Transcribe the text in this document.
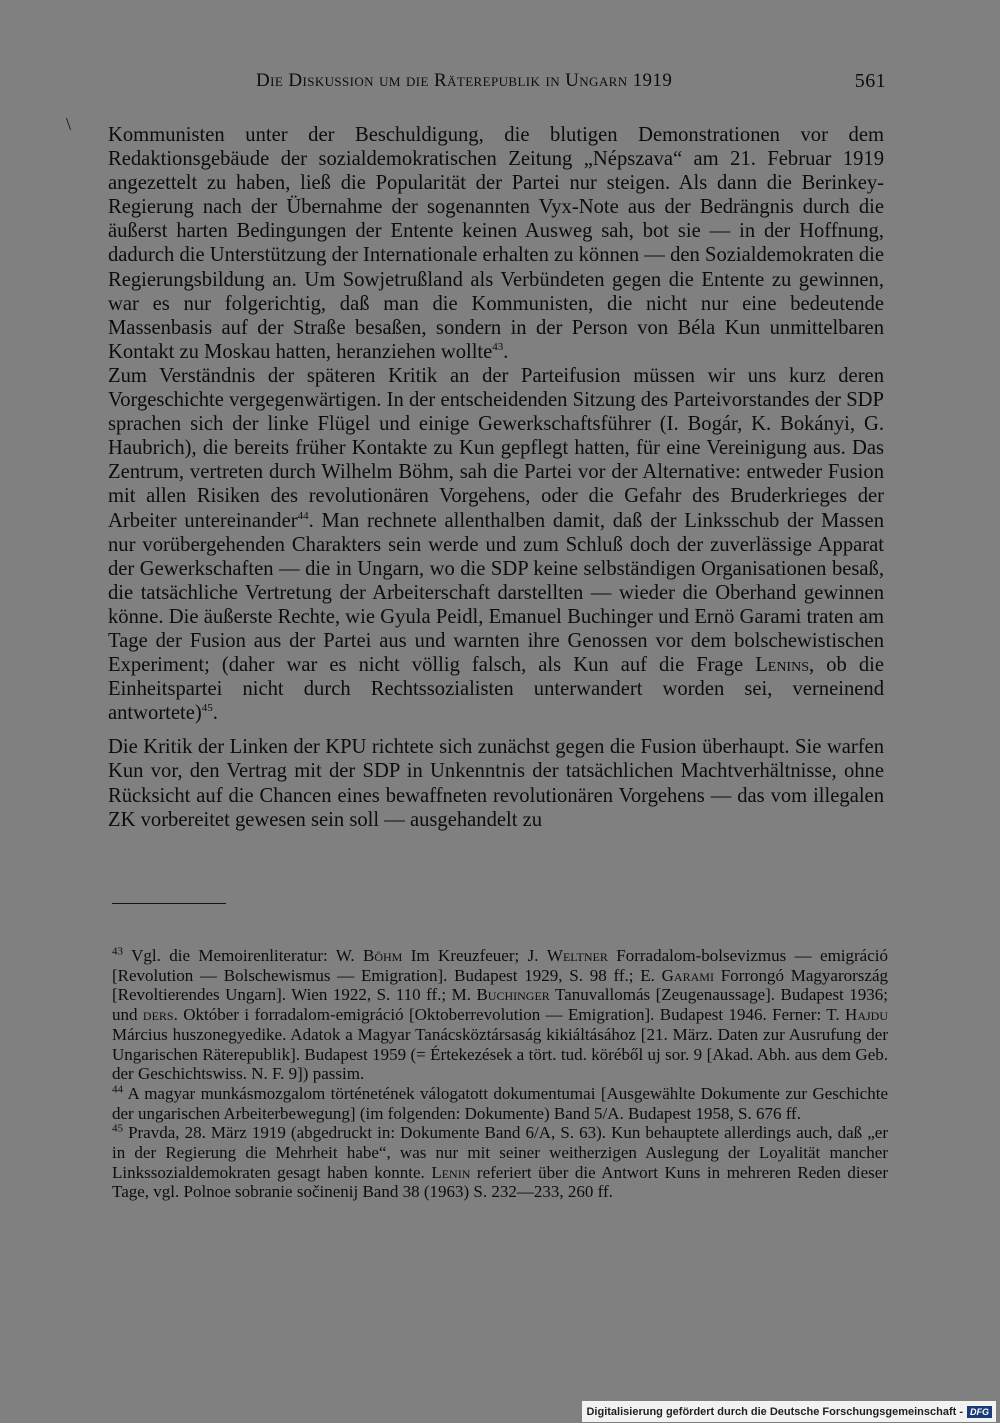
Die Diskussion um die Räterepublik in Ungarn 1919	561
\ Kommunisten unter der Beschuldigung, die blutigen Demonstrationen vor dem Redaktionsgebäude der sozialdemokratischen Zeitung „Népszava“ am 21. Februar 1919 angezettelt zu haben, ließ die Popularität der Partei nur steigen. Als dann die Berinkey-Regierung nach der Übernahme der sogenannten Vyx-Note aus der Bedrängnis durch die äußerst harten Bedingungen der Entente keinen Ausweg sah, bot sie — in der Hoffnung, dadurch die Unterstützung der Internationale erhalten zu können — den Sozialdemokraten die Regierungsbildung an. Um Sowjetrußland als Verbündeten gegen die Entente zu gewinnen, war es nur folgerichtig, daß man die Kommunisten, die nicht nur eine bedeutende Massenbasis auf der Straße besaßen, sondern in der Person von Béla Kun unmittelbaren Kontakt zu Moskau hatten, heranziehen wollte$^{43}$.

Zum Verständnis der späteren Kritik an der Parteifusion müssen wir uns kurz deren Vorgeschichte vergegenwärtigen. In der entscheidenden Sitzung des Parteivorstandes der SDP sprachen sich der linke Flügel und einige Gewerkschaftsführer (I. Bogár, K. Bokányi, G. Haubrich), die bereits früher Kontakte zu Kun gepflegt hatten, für eine Vereinigung aus. Das Zentrum, vertreten durch Wilhelm Böhm, sah die Partei vor der Alternative: entweder Fusion mit allen Risiken des revolutionären Vorgehens, oder die Gefahr des Bruderkrieges der Arbeiter untereinander$^{44}$. Man rechnete allenthalben damit, daß der Linksschub der Massen nur vorübergehenden Charakters sein werde und zum Schluß doch der zuverlässige Apparat der Gewerkschaften — die in Ungarn, wo die SDP keine selbständigen Organisationen besaß, die tatsächliche Vertretung der Arbeiterschaft darstellten — wieder die Oberhand gewinnen könne. Die äußerste Rechte, wie Gyula Peidl, Emanuel Buchinger und Ernö Garami traten am Tage der Fusion aus der Partei aus und warnten ihre Genossen vor dem bolschewistischen Experiment; (daher war es nicht völlig falsch, als Kun auf die Frage Lenins, ob die Einheitspartei nicht durch Rechtssozialisten unterwandert worden sei, verneinend antwortete)$^{45}$.

Die Kritik der Linken der KPU richtete sich zunächst gegen die Fusion überhaupt. Sie warfen Kun vor, den Vertrag mit der SDP in Unkenntnis der tatsächlichen Machtverhältnisse, ohne Rücksicht auf die Chancen eines bewaffneten revolutionären Vorgehens — das vom illegalen ZK vorbereitet gewesen sein soll — ausgehandelt zu

$^{43}$ Vgl. die Memoirenliteratur: W. Böhm Im Kreuzfeuer; J. Weltner Forradalom-bolsevizmus — emigráció [Revolution — Bolschewismus — Emigration]. Budapest 1929, S. 98 ff.; E. Garami Forrongó Magyarország [Revoltierendes Ungarn]. Wien 1922, S. 110 ff.; M. Buchinger Tanuvallomás [Zeugenaussage]. Budapest 1936; und ders. Október i forradalom-emigráció [Oktoberrevolution — Emigration]. Budapest 1946. Ferner: T. Hajdu Március huszonegyedike. Adatok a Magyar Tanácsköztársaság kikiáltásához [21. März. Daten zur Ausrufung der Ungarischen Räterepublik]. Budapest 1959 (= Értekezések a tört. tud. köréből uj sor. 9 [Akad. Abh. aus dem Geb. der Geschichtswiss. N. F. 9]) passim.

$^{44}$ A magyar munkásmozgalom történetének válogatott dokumentumai [Ausgewählte Dokumente zur Geschichte der ungarischen Arbeiterbewegung] (im folgenden: Dokumente) Band 5/A. Budapest 1958, S. 676 ff.

$^{45}$ Pravda, 28. März 1919 (abgedruckt in: Dokumente Band 6/A, S. 63). Kun behauptete allerdings auch, daß „er in der Regierung die Mehrheit habe“, was nur mit seiner weitherzigen Auslegung der Loyalität mancher Linkssozialdemokraten gesagt haben konnte. Lenin referiert über die Antwort Kuns in mehreren Reden dieser Tage, vgl. Polnoe sobranie sočinenij Band 38 (1963) S. 232—233, 260 ff.

Digitalisierung gefördert durch die Deutsche Forschungsgemeinschaft - DFG
